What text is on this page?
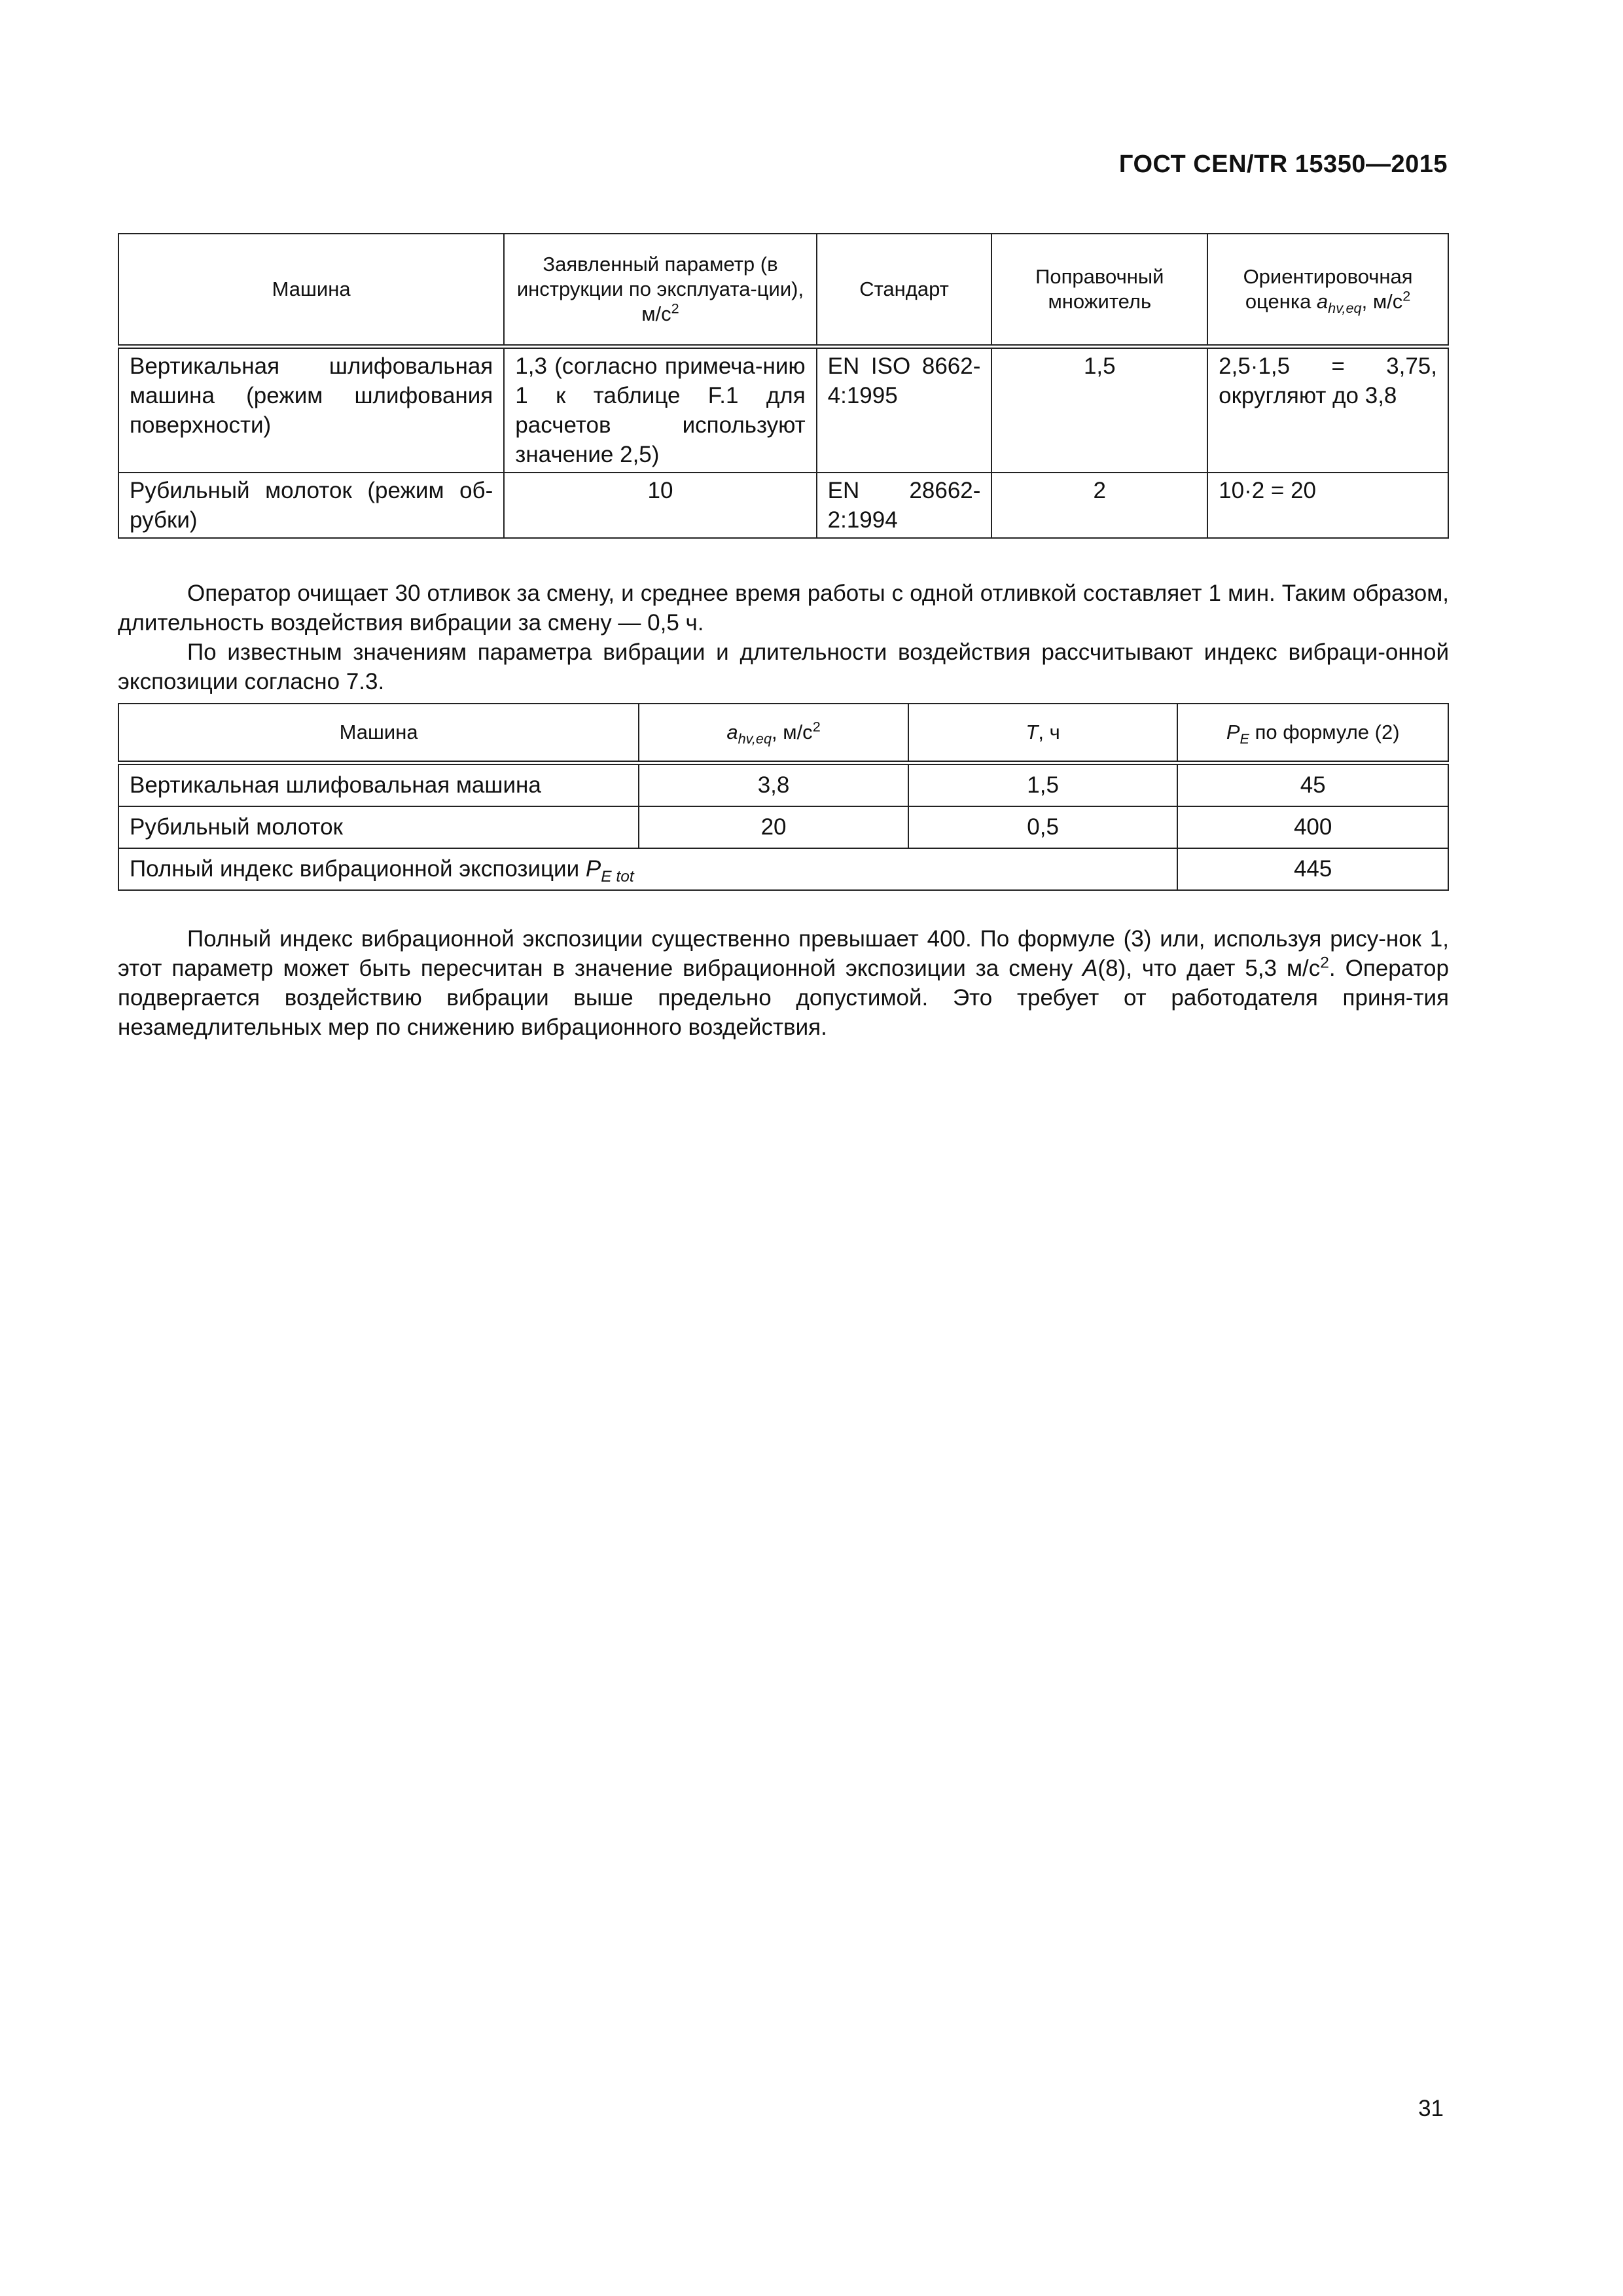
ГОСТ CEN/TR 15350—2015
Машина	Заявленный параметр (в инструкции по эксплуата-ции), $м/с^2$	Стандарт	Поправочный множитель	Ориентировочная оценка $a_{hv,eq}$, $м/с^2$
Вертикальная шлифовальная машина (режим шлифования поверхности)	1,3 (согласно примеча-нию 1 к таблице F.1 для расчетов используют значение 2,5)	EN ISO 8662-4:1995	1,5	2,5·1,5 = 3,75, округляют до 3,8
Рубильный молоток (режим об-рубки)	10	EN 28662-2:1994	2	10·2 = 20

Оператор очищает 30 отливок за смену, и среднее время работы с одной отливкой составляет 1 мин. Таким образом, длительность воздействия вибрации за смену — 0,5 ч.

По известным значениям параметра вибрации и длительности воздействия рассчитывают индекс вибраци-онной экспозиции согласно 7.3.

Машина	$a_{hv,eq}$, $м/с^2$	T, ч	$P_E$ по формуле (2)
Вертикальная шлифовальная машина	3,8	1,5	45
Рубильный молоток	20	0,5	400
Полный индекс вибрационной экспозиции $P_{E tot}$			445

Полный индекс вибрационной экспозиции существенно превышает 400. По формуле (3) или, используя рису-нок 1, этот параметр может быть пересчитан в значение вибрационной экспозиции за смену A(8), что дает 5,3 $м/с^2$. Оператор подвергается воздействию вибрации выше предельно допустимой. Это требует от работодателя приня-тия незамедлительных мер по снижению вибрационного воздействия.

31
